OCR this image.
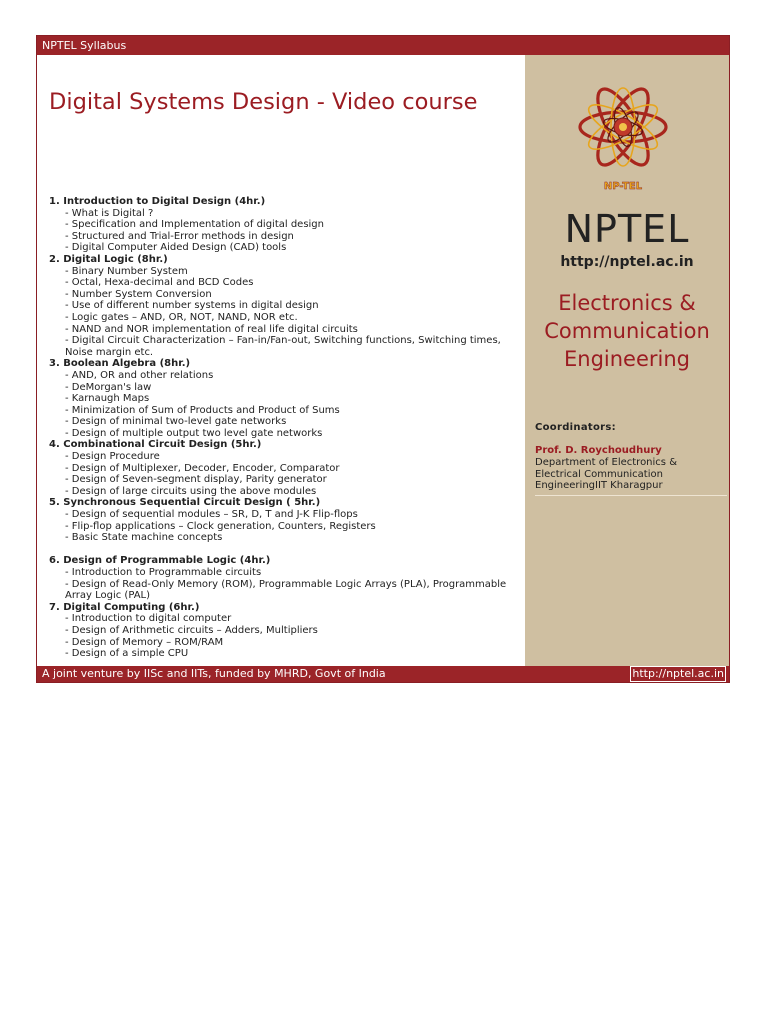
NPTEL Syllabus
Digital Systems Design - Video course
1. Introduction to Digital Design (4hr.)
- What is Digital ?
- Specification and Implementation of digital design
- Structured and Trial-Error methods in design
- Digital Computer Aided Design (CAD) tools
2. Digital Logic (8hr.)
- Binary Number System
- Octal, Hexa-decimal and BCD Codes
- Number System Conversion
- Use of different number systems in digital design
- Logic gates – AND, OR, NOT, NAND, NOR etc.
- NAND and NOR implementation of real life digital circuits
- Digital Circuit Characterization – Fan-in/Fan-out, Switching functions, Switching times, Noise margin etc.
3. Boolean Algebra (8hr.)
- AND, OR and other relations
- DeMorgan's law
- Karnaugh Maps
- Minimization of Sum of Products and Product of Sums
- Design of minimal two-level gate networks
- Design of multiple output two level gate networks
4. Combinational Circuit Design (5hr.)
- Design Procedure
- Design of Multiplexer, Decoder, Encoder, Comparator
- Design of Seven-segment display, Parity generator
- Design of large circuits using the above modules
5. Synchronous Sequential Circuit Design ( 5hr.)
- Design of sequential modules – SR, D, T and J-K Flip-flops
- Flip-flop applications – Clock generation, Counters, Registers
- Basic State machine concepts
6. Design of Programmable Logic (4hr.)
- Introduction to Programmable circuits
- Design of Read-Only Memory (ROM), Programmable Logic Arrays (PLA), Programmable Array Logic (PAL)
7. Digital Computing (6hr.)
- Introduction to digital computer
- Design of Arithmetic circuits – Adders, Multipliers
- Design of Memory – ROM/RAM
- Design of a simple CPU
NP-TEL
NPTEL
http://nptel.ac.in
Electronics &
Communication
Engineering
Coordinators:
Prof. D. Roychoudhury
Department of Electronics & Electrical Communication EngineeringIIT Kharagpur
A joint venture by IISc and IITs, funded by MHRD, Govt of India	http://nptel.ac.in
